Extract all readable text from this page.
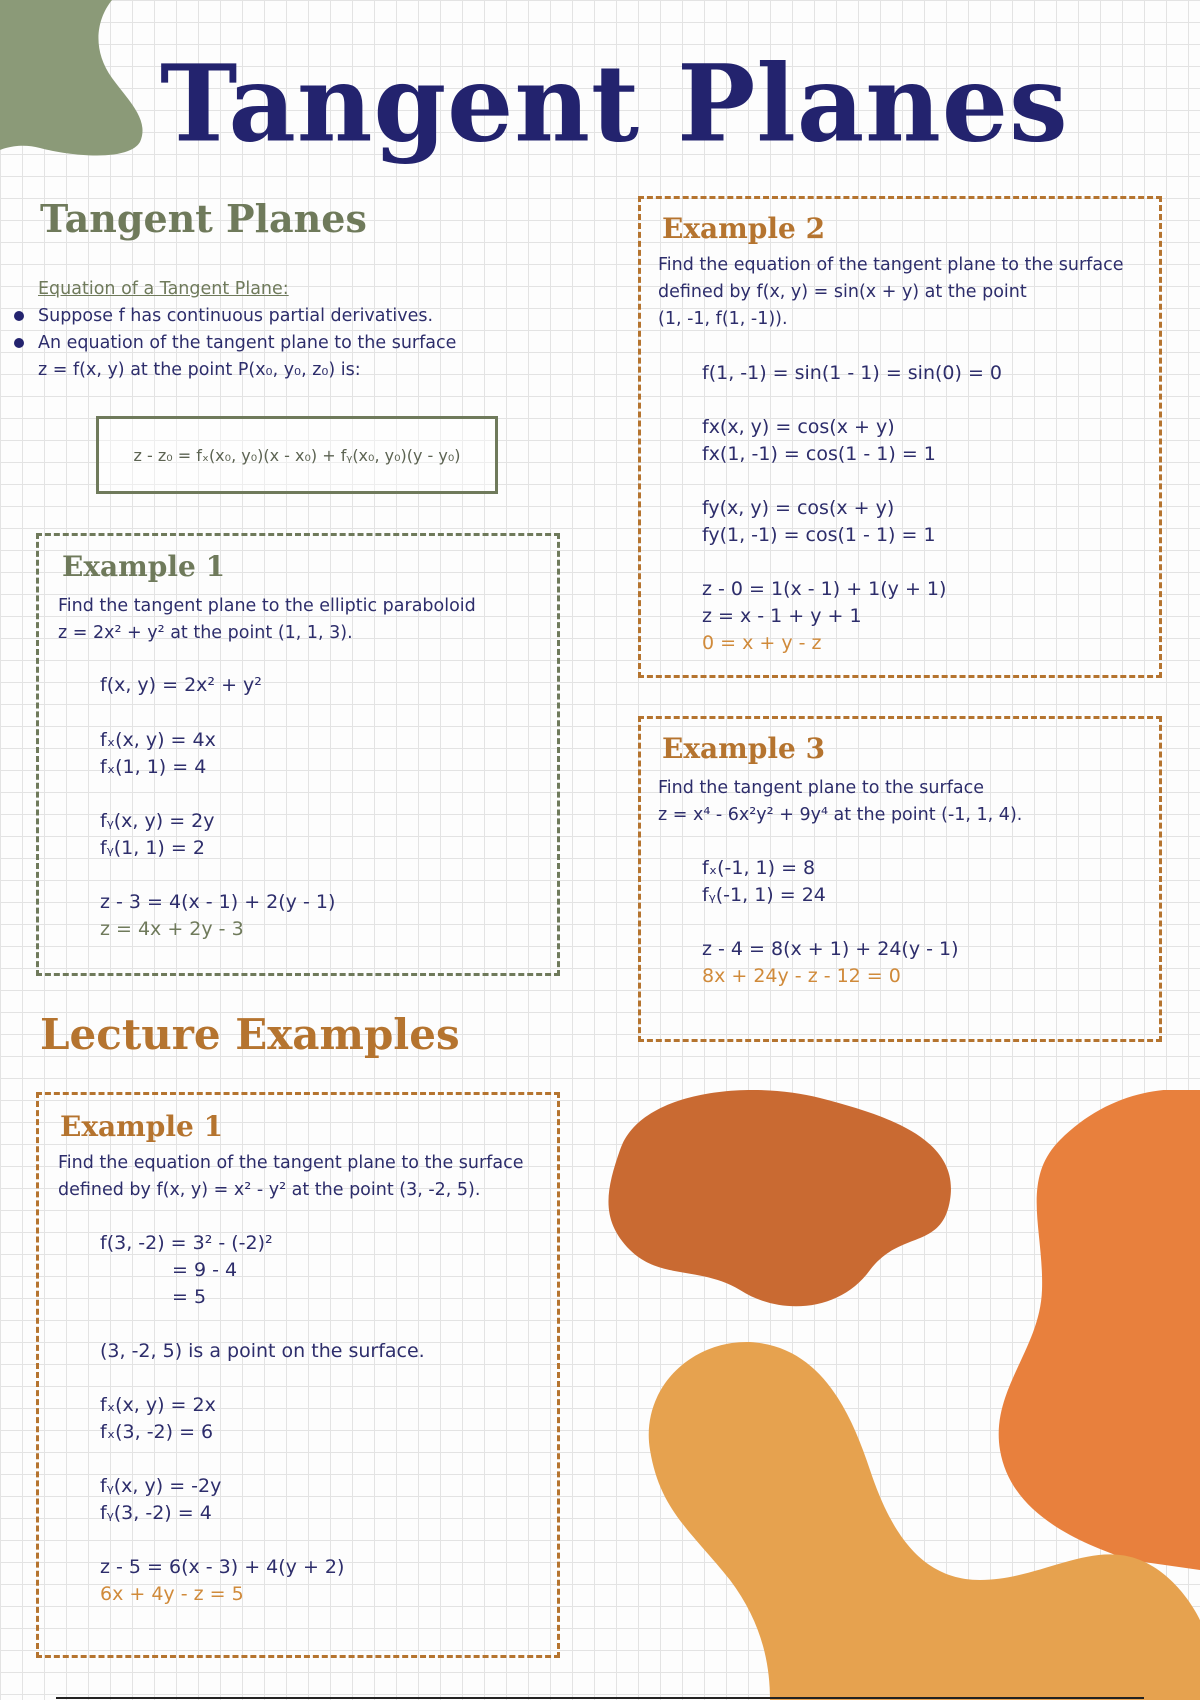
Tangent Planes
Tangent Planes
Equation of a Tangent Plane:
Suppose f has continuous partial derivatives.
An equation of the tangent plane to the surface
z = f(x, y) at the point P(x₀, y₀, z₀) is:
z - z₀ = fₓ(x₀, y₀)(x - x₀) + fᵧ(x₀, y₀)(y - y₀)
Example 1
Find the tangent plane to the elliptic paraboloid
z = 2x² + y² at the point (1, 1, 3).
f(x, y) = 2x² + y²
fₓ(x, y) = 4x
fₓ(1, 1) = 4
fᵧ(x, y) = 2y
fᵧ(1, 1) = 2
z - 3 = 4(x - 1) + 2(y - 1)
z = 4x + 2y - 3
Example 2
Find the equation of the tangent plane to the surface
defined by f(x, y) = sin(x + y) at the point
(1, -1, f(1, -1)).
f(1, -1) = sin(1 - 1) = sin(0) = 0
fx(x, y) = cos(x + y)
fx(1, -1) = cos(1 - 1) = 1
fy(x, y) = cos(x + y)
fy(1, -1) = cos(1 - 1) = 1
z - 0 = 1(x - 1) + 1(y + 1)
z = x - 1 + y + 1
0 = x + y - z
Example 3
Find the tangent plane to the surface
z = x⁴ - 6x²y² + 9y⁴ at the point (-1, 1, 4).
fₓ(-1, 1) = 8
fᵧ(-1, 1) = 24
z - 4 = 8(x + 1) + 24(y - 1)
8x + 24y - z - 12 = 0
Lecture Examples
Example 1
Find the equation of the tangent plane to the surface
defined by f(x, y) = x² - y² at the point (3, -2, 5).
f(3, -2) = 3² - (-2)²
= 9 - 4
= 5
(3, -2, 5) is a point on the surface.
fₓ(x, y) = 2x
fₓ(3, -2) = 6
fᵧ(x, y) = -2y
fᵧ(3, -2) = 4
z - 5 = 6(x - 3) + 4(y + 2)
6x + 4y - z = 5
